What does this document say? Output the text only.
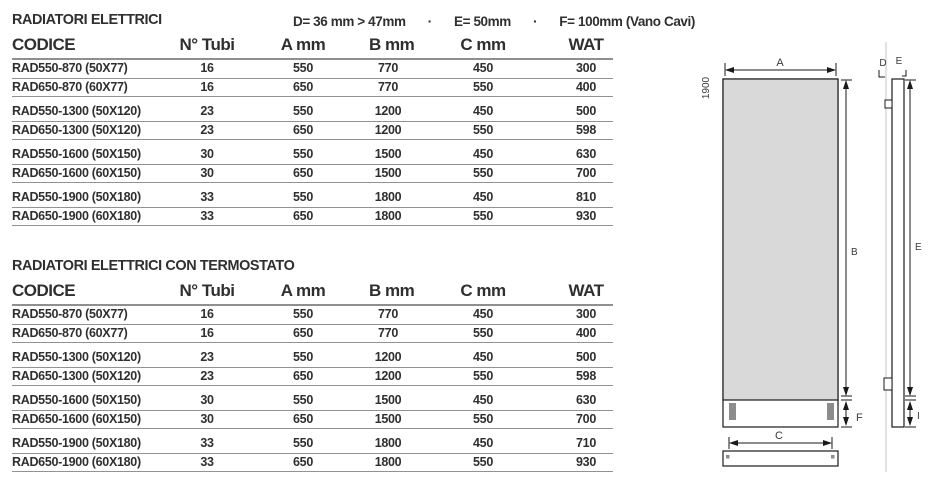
RADIATORI ELETTRICI	D= 36 mm > 47mm · E= 50mm · F= 100mm (Vano Cavi)
CODICE	N° Tubi	A mm	B mm	C mm	WAT
RAD550-870 (50X77)	16	550	770	450	300
RAD650-870 (60X77)	16	650	770	550	400
RAD550-1300 (50X120)	23	550	1200	450	500
RAD650-1300 (50X120)	23	650	1200	550	598
RAD550-1600 (50X150)	30	550	1500	450	630
RAD650-1600 (60X150)	30	650	1500	550	700
RAD550-1900 (50X180)	33	550	1800	450	810
RAD650-1900 (60X180)	33	650	1800	550	930
RADIATORI ELETTRICI CON TERMOSTATO
CODICE	N° Tubi	A mm	B mm	C mm	WAT
RAD550-870 (50X77)	16	550	770	450	300
RAD650-870 (60X77)	16	650	770	550	400
RAD550-1300 (50X120)	23	550	1200	450	500
RAD650-1300 (50X120)	23	650	1200	550	598
RAD550-1600 (50X150)	30	550	1500	450	630
RAD650-1600 (60X150)	30	650	1500	550	700
RAD550-1900 (50X180)	33	550	1800	450	710
RAD650-1900 (60X180)	33	650	1800	550	930
A
1900
B
F
C
D E
E
I
